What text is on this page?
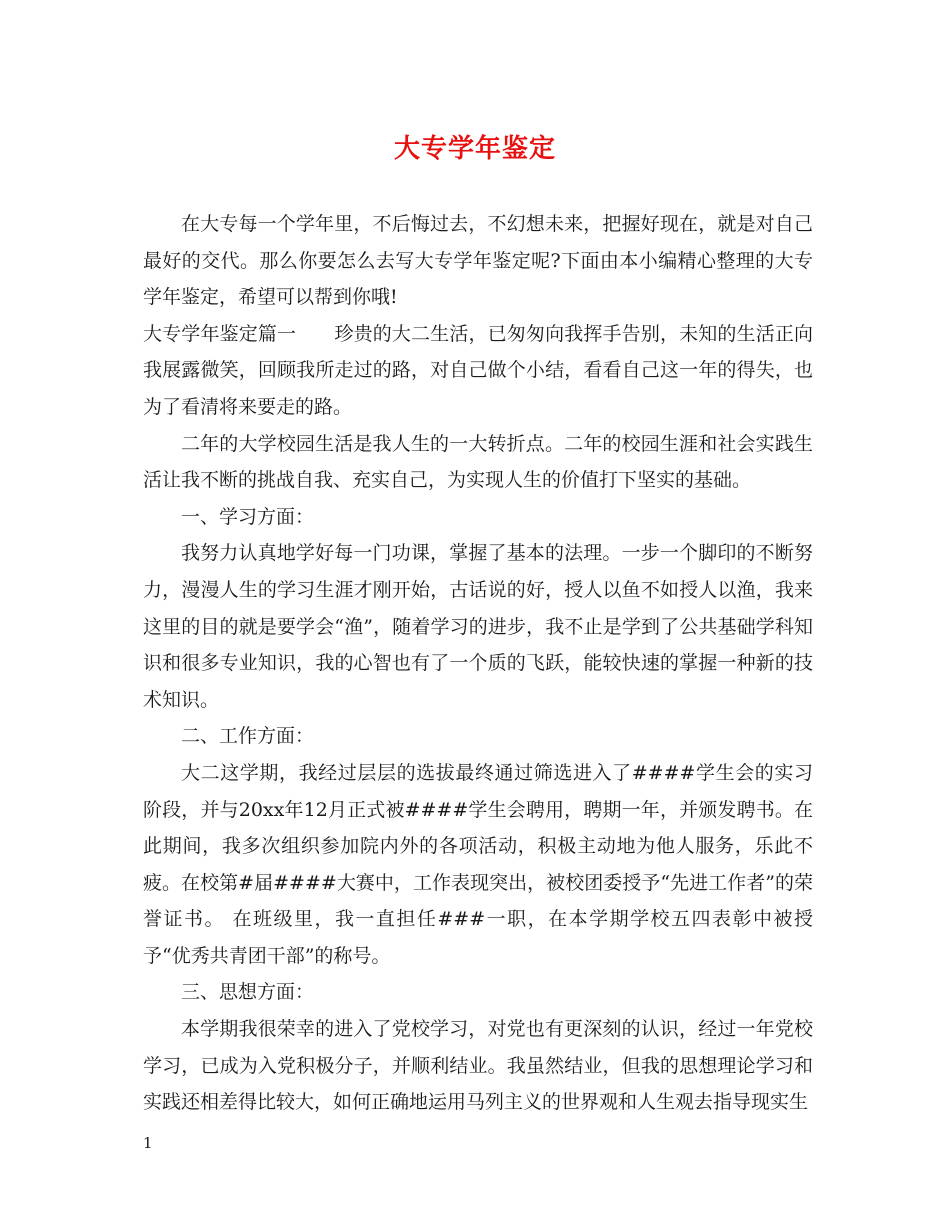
大专学年鉴定

在大专每一个学年里，不后悔过去，不幻想未来，把握好现在，就是对自己最好的交代。那么你要怎么去写大专学年鉴定呢?下面由本小编精心整理的大专学年鉴定，希望可以帮到你哦!

大专学年鉴定篇一　　珍贵的大二生活，已匆匆向我挥手告别，未知的生活正向我展露微笑，回顾我所走过的路，对自己做个小结，看看自己这一年的得失，也为了看清将来要走的路。

二年的大学校园生活是我人生的一大转折点。二年的校园生涯和社会实践生活让我不断的挑战自我、充实自己，为实现人生的价值打下坚实的基础。

一、学习方面：

我努力认真地学好每一门功课，掌握了基本的法理。一步一个脚印的不断努力，漫漫人生的学习生涯才刚开始，古话说的好，授人以鱼不如授人以渔，我来这里的目的就是要学会“渔”，随着学习的进步，我不止是学到了公共基础学科知识和很多专业知识，我的心智也有了一个质的飞跃，能较快速的掌握一种新的技术知识。

二、工作方面：

大二这学期，我经过层层的选拔最终通过筛选进入了####学生会的实习阶段，并与20xx年12月正式被####学生会聘用，聘期一年，并颁发聘书。在此期间，我多次组织参加院内外的各项活动，积极主动地为他人服务，乐此不疲。在校第#届####大赛中，工作表现突出，被校团委授予“先进工作者”的荣誉证书。 在班级里，我一直担任###一职，在本学期学校五四表彰中被授予“优秀共青团干部”的称号。

三、思想方面：

本学期我很荣幸的进入了党校学习，对党也有更深刻的认识，经过一年党校学习，已成为入党积极分子，并顺利结业。我虽然结业，但我的思想理论学习和实践还相差得比较大，如何正确地运用马列主义的世界观和人生观去指导现实生

1
